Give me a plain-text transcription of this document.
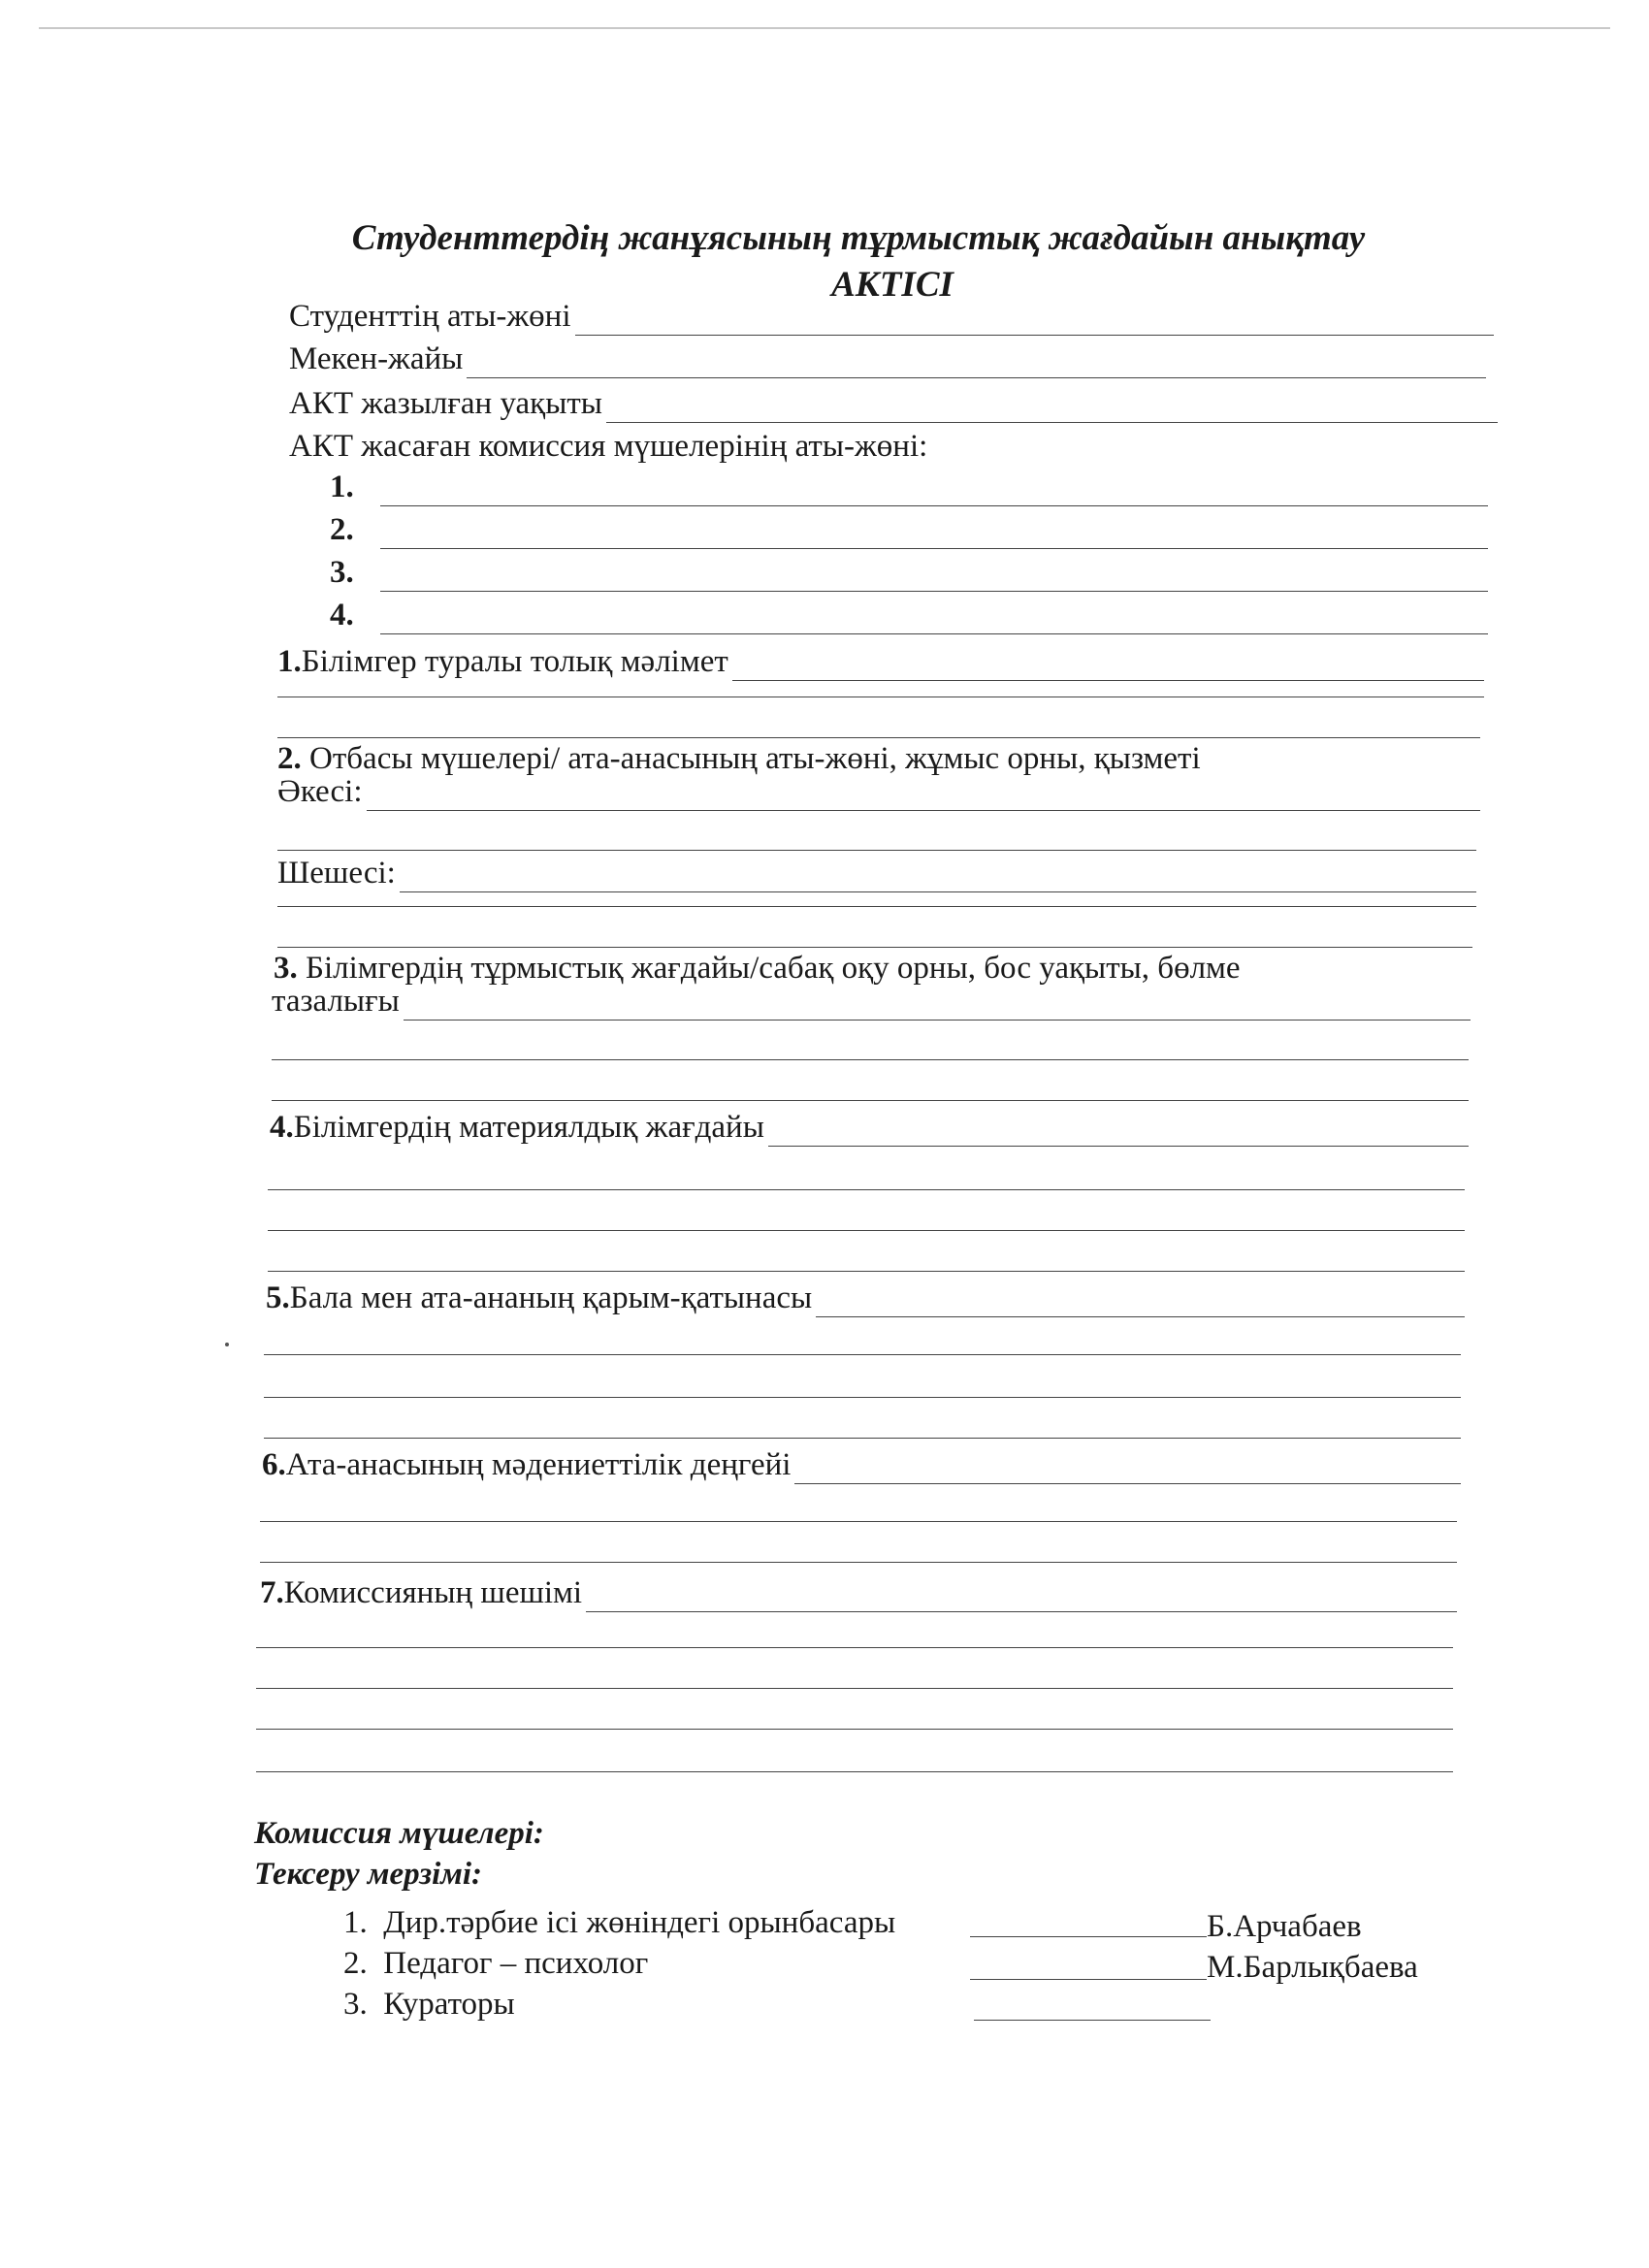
Студенттердің жанұясының тұрмыстық жағдайын анықтау
АКТІСІ
Студенттің аты-жөні
Мекен-жайы
АКТ жазылған уақыты
АКТ жасаған комиссия мүшелерінің аты-жөні:
1.
2.
3.
4.
1. Білімгер туралы толық мәлімет
2. Отбасы мүшелері/ ата-анасының аты-жөні, жұмыс орны, қызметі
Әкесі:
Шешесі:
3. Білімгердің тұрмыстық жағдайы/сабақ оқу орны, бос уақыты, бөлме
тазалығы
4. Білімгердің материялдық жағдайы
5. Бала мен ата-ананың қарым-қатынасы
6. Ата-анасының мәдениеттілік деңгейі
7. Комиссияның шешімі
Комиссия мүшелері:
Тексеру мерзімі:
1. Дир.тәрбие ісі жөніндегі орынбасары	Б.Арчабаев
2. Педагог – психолог	М.Барлықбаева
3. Кураторы
